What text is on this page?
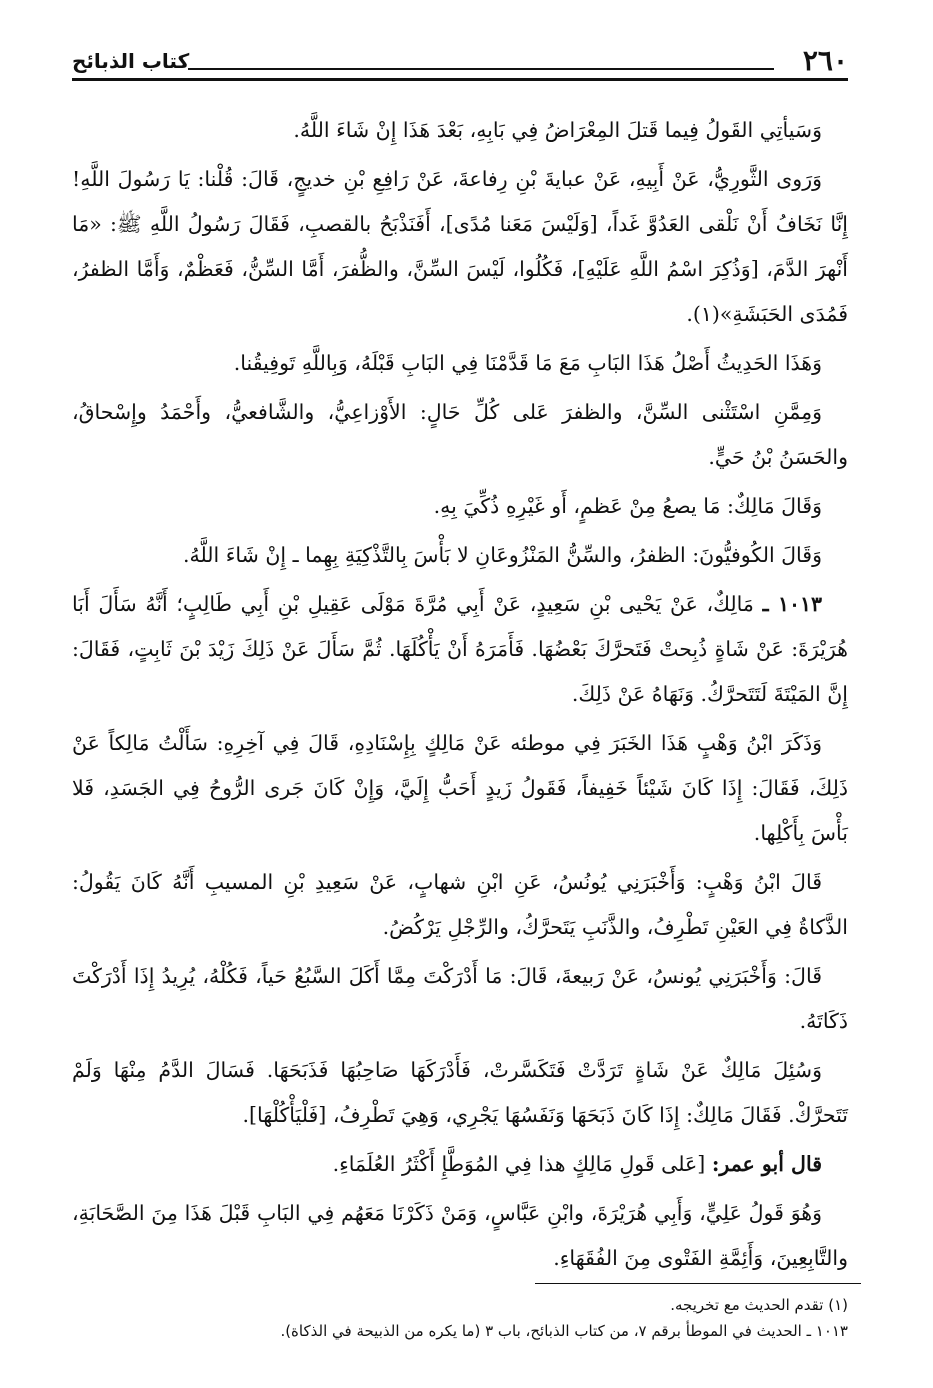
٢٦٠
كتاب الذبائح

وَسَيأتِي القَولُ فِيما قَتلَ المِعْرَاضُ فِي بَابِهِ، بَعْدَ هَذَا إِنْ شَاءَ اللَّهُ.

وَرَوى الثَّورِيُّ، عَنْ أَبِيهِ، عَنْ عبايةَ بْنِ رِفاعةَ، عَنْ رَافِعِ بْنِ خديجٍ، قَالَ: قُلْنا: يَا رَسُولَ اللَّهِ! إِنَّا نَخَافُ أَنْ نَلْقى العَدُوَّ غَداً، [وَلَيْسَ مَعَنا مُدًى]، أَفَنَذْبَحُ بالقصبِ، فَقَالَ رَسُولُ اللَّهِ ﷺ: «مَا أَنْهرَ الدَّمَ، [وَذُكِرَ اسْمُ اللَّهِ عَلَيْهِ]، فَكُلُوا، لَيْسَ السِّنَّ، والظُّفرَ، أَمَّا السِّنُّ، فَعَظْمٌ، وَأَمَّا الظفرُ، فَمُدَى الحَبَشَةِ»(١).

وَهَذَا الحَدِيثُ أَصْلُ هَذَا البَابِ مَعَ مَا قَدَّمْنَا فِي البَابِ قَبْلَهُ، وَبِاللَّهِ تَوفِيقُنا.

وَمِمَّنِ اسْتَثْنى السِّنَّ، والظفرَ عَلى كُلِّ حَالٍ: الأَوْزاعِيُّ، والشَّافعيُّ، وأَحْمَدُ وإِسْحاقُ، والحَسَنُ بْنُ حَيٍّ.

وَقَالَ مَالِكٌ: مَا يصعُ مِنْ عَظمٍ، أَو غَيْرِهِ ذُكِّيَ بِهِ.

وَقَالَ الكُوفيُّونَ: الظفرُ، والسِّنُّ المَنْزُوعَانِ لا بَأْسَ بِالتَّذْكِيَةِ بِهِما ـ إِنْ شَاءَ اللَّهُ.

١٠١٣ ـ مَالِكٌ، عَنْ يَحْيى بْنِ سَعِيدٍ، عَنْ أَبِي مُرَّةَ مَوْلَى عَقِيلِ بْنِ أَبِي طَالِبٍ؛ أَنَّهُ سَأَلَ أَبَا هُرَيْرَةَ: عَنْ شَاةٍ ذُبِحتْ فَتَحرَّكَ بَعْضُهَا. فَأَمَرَهُ أَنْ يَأْكُلَهَا. ثُمَّ سَأَلَ عَنْ ذَلِكَ زَيْدَ بْنَ ثَابِتٍ، فَقَالَ: إِنَّ المَيْتَةَ لَتَتَحرَّكُ. وَنَهَاهُ عَنْ ذَلِكَ.

وَذَكَرَ ابْنُ وَهْبٍ هَذَا الخَبَرَ فِي موطئه عَنْ مَالِكٍ بِإِسْنَادِهِ، قَالَ فِي آخِرِهِ: سَأَلْتُ مَالِكاً عَنْ ذَلِكَ، فَقَالَ: إِذَا كَانَ شَيْئاً خَفِيفاً، فَقَولُ زَيدٍ أَحَبُّ إِلَيَّ، وَإِنْ كَانَ جَرى الرُّوحُ فِي الجَسَدِ، فَلا بَأْسَ بِأَكْلِها.

قَالَ ابْنُ وَهْبٍ: وَأَخْبَرَنِي يُونُسُ، عَنِ ابْنِ شهابٍ، عَنْ سَعِيدِ بْنِ المسيبِ أَنَّهُ كَانَ يَقُولُ: الذَّكاةُ فِي العَيْنِ تَطْرِفُ، والذَّنَبِ يَتَحرَّكُ، والرِّجْلِ يَرْكُضُ.

قَالَ: وَأَخْبَرَنِي يُونسُ، عَنْ رَبيعةَ، قَالَ: مَا أَدْرَكْتَ مِمَّا أَكَلَ السَّبُعُ حَياً، فَكُلْهُ، يُرِيدُ إِذَا أَدْرَكْتَ ذَكَاتَهُ.

وَسُئِلَ مَالِكٌ عَنْ شَاةٍ تَرَدَّتْ فَتَكَسَّرتْ، فَأَدْرَكَهَا صَاحِبُهَا فَذَبَحَهَا. فَسَالَ الدَّمُ مِنْهَا وَلَمْ تَتَحرَّكْ. فَقَالَ مَالِكٌ: إِذَا كَانَ ذَبَحَهَا وَنَفَسُهَا يَجْرِي، وَهِيَ تَطْرِفُ، [فَلْيَأْكُلْهَا].

قال أبو عمر: [عَلى قَولِ مَالِكٍ هذا فِي المُوَطَّإِ أَكْثَرُ العُلَمَاءِ.

وَهُوَ قَولُ عَلِيٍّ، وَأَبِي هُرَيْرَةَ، وابْنِ عَبَّاسٍ، وَمَنْ ذَكَرْنَا مَعَهُم فِي البَابِ قَبْلَ هَذَا مِنَ الصَّحَابَةِ، والتَّابِعِينَ، وَأَئِمَّةِ الفَتْوى مِنَ الفُقَهَاءِ.

(١) تقدم الحديث مع تخريجه.

١٠١٣ ـ الحديث في الموطأ برقم ٧، من كتاب الذبائح، باب ٣ (ما يكره من الذبيحة في الذكاة).
